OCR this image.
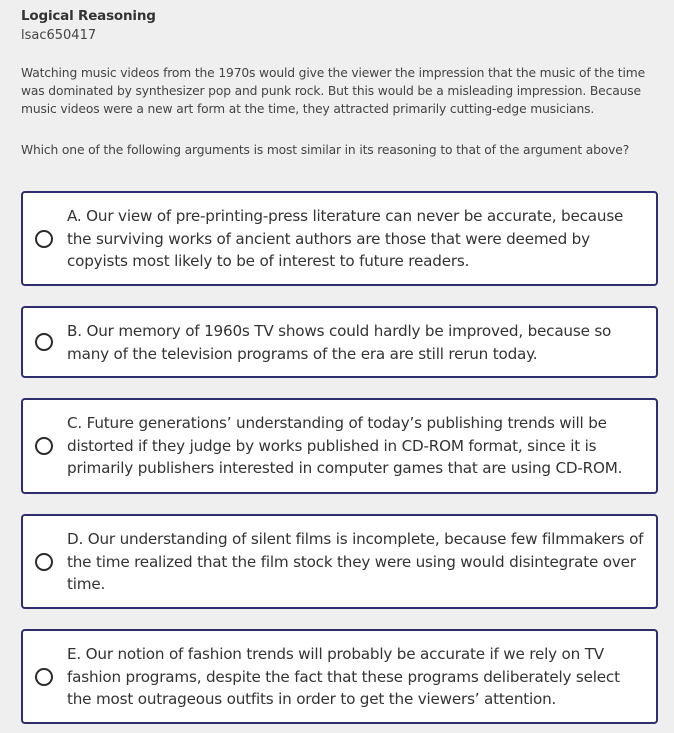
Logical Reasoning
lsac650417
Watching music videos from the 1970s would give the viewer the impression that the music of the time was dominated by synthesizer pop and punk rock. But this would be a misleading impression. Because music videos were a new art form at the time, they attracted primarily cutting-edge musicians.
Which one of the following arguments is most similar in its reasoning to that of the argument above?
A. Our view of pre-printing-press literature can never be accurate, because the surviving works of ancient authors are those that were deemed by copyists most likely to be of interest to future readers.
B. Our memory of 1960s TV shows could hardly be improved, because so many of the television programs of the era are still rerun today.
C. Future generations’ understanding of today’s publishing trends will be distorted if they judge by works published in CD-ROM format, since it is primarily publishers interested in computer games that are using CD-ROM.
D. Our understanding of silent films is incomplete, because few filmmakers of the time realized that the film stock they were using would disintegrate over time.
E. Our notion of fashion trends will probably be accurate if we rely on TV fashion programs, despite the fact that these programs deliberately select the most outrageous outfits in order to get the viewers’ attention.
